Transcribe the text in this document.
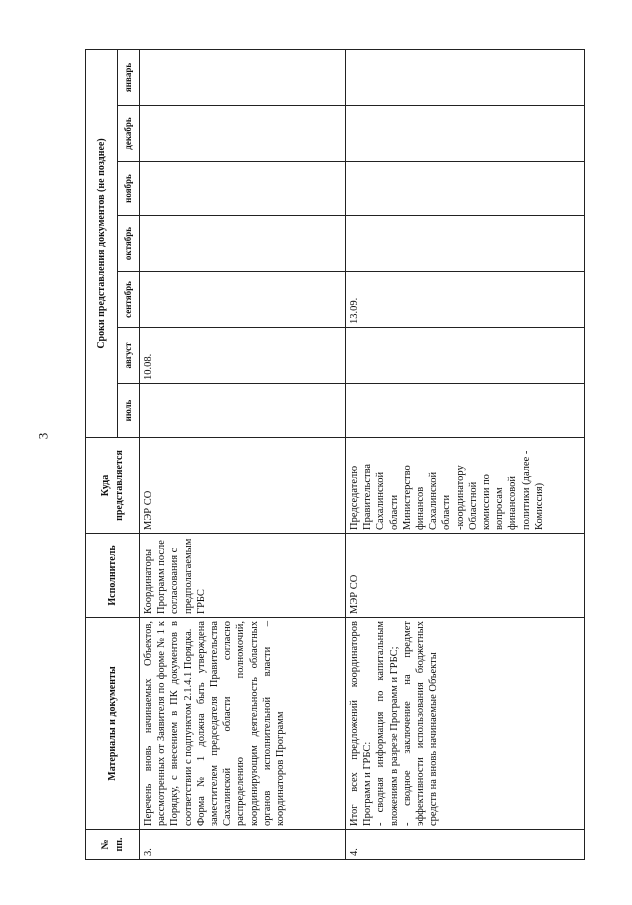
3
№ пп.	Материалы и документы	Исполнитель	Куда представляется	Сроки представления документов (не позднее)						
				июль	август	сентябрь	октябрь	ноябрь	декабрь	январь
3.	Перечень вновь начинаемых Объектов, рассмотренных от Заявителя по форме № 1 к Порядку, с внесением в ПК документов в соответствии с подпунктом 2.1.4.1 Порядка. Форма № 1 должна быть утверждена заместителем председателя Правительства Сахалинской области согласно распределению полномочий, координирующим деятельность областных органов исполнительной власти – координаторов Программ	Координаторы Программ после согласования с предполагаемым ГРБС	МЭР СО		10.08.					
4.	Итог всех предложений координаторов Программ и ГРБС: - сводная информация по капитальным вложениям в разрезе Программ и ГРБС; - сводное заключение на предмет эффективности использования бюджетных средств на вновь начинаемые Объекты	МЭР СО	Председателю Правительства Сахалинской области Министерство финансов Сахалинской области -координатору Областной комиссии по вопросам финансовой политики (далее - Комиссия)			13.09.				
